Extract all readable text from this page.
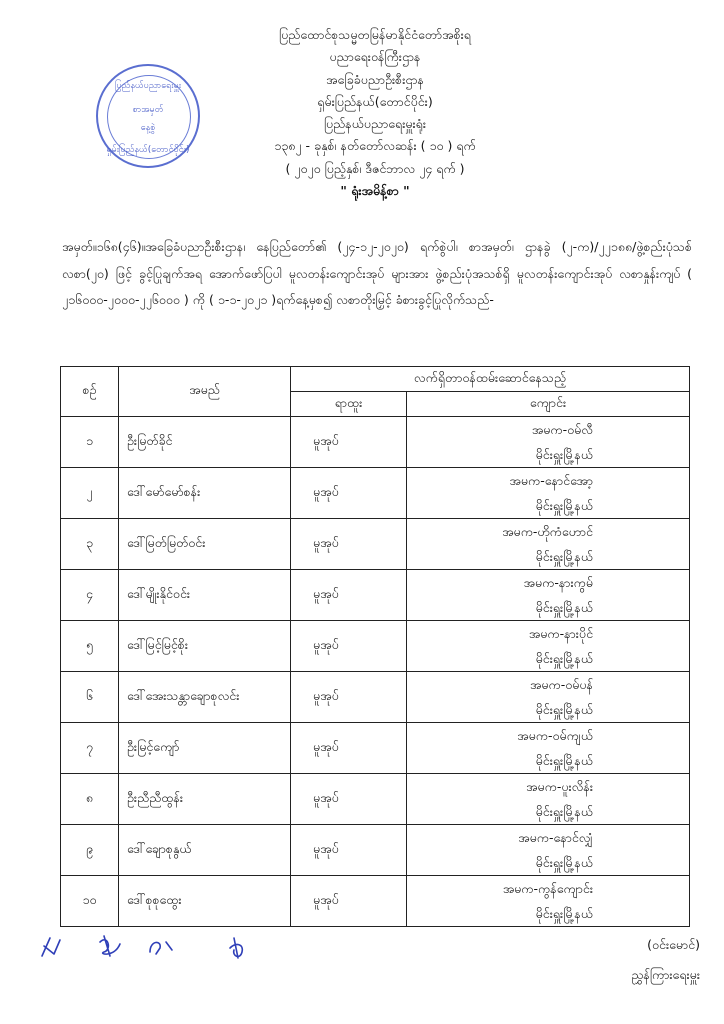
ပြည်နယ်ပညာရေးမှူး
စာအမှတ်
နေ့စွဲ
ရှမ်းပြည်နယ်(တောင်ပိုင်း)
ပြည်ထောင်စုသမ္မတမြန်မာနိုင်ငံတော်အစိုးရ
ပညာရေးဝန်ကြီးဌာန
အခြေခံပညာဦးစီးဌာန
ရှမ်းပြည်နယ်(တောင်ပိုင်း)
ပြည်နယ်ပညာရေးမှူးရုံး
၁၃၈၂ - ခုနှစ်၊ နတ်တော်လဆန်း ( ၁၀ ) ရက်
( ၂၀၂၀ ပြည့်နှစ်၊ ဒီဇင်ဘာလ ၂၄ ရက် )
" ရုံးအမိန့်စာ "
အမှတ်။၁၆၈(၄၆)။အခြေခံပညာဦးစီးဌာန၊ နေပြည်တော်၏ (၂၄-၁၂-၂၀၂၀) ရက်စွဲပါ၊ စာအမှတ်၊ ဌာနခွဲ (၂-က)/၂၂၁၈၈/ဖွဲ့စည်းပုံသစ်လစာ(၂၀) ဖြင့် ခွင့်ပြုချက်အရ အောက်ဖော်ပြပါ မူလတန်းကျောင်းအုပ် များအား ဖွဲ့စည်းပုံအသစ်ရှိ မူလတန်းကျောင်းအုပ် လစာနှုန်းကျပ် ( ၂၁၆၀၀၀-၂၀၀၀-၂၂၆၀၀၀ ) ကို ( ၁-၁-၂၀၂၁ )ရက်နေ့မှစ၍ လစာတိုးမြှင့် ခံစားခွင့်ပြုလိုက်သည်-
စဉ်	အမည်	လက်ရှိတာဝန်ထမ်းဆောင်နေသည့်	
		ရာထူး	ကျောင်း
၁	ဦးမြတ်ခိုင်	မူအုပ်	အမက-ဝမ်လီ
မိုင်းရှူးမြို့နယ်

၂	ဒေါ်မော်မော်စန်း	မူအုပ်	အမက-နောင်အော့
မိုင်းရှူးမြို့နယ်

၃	ဒေါ်မြတ်မြတ်ဝင်း	မူအုပ်	အမက-ဟိုကံဟောင်
မိုင်းရှူးမြို့နယ်

၄	ဒေါ်မျိုးနိုင်ဝင်း	မူအုပ်	အမက-နားကွမ်
မိုင်းရှူးမြို့နယ်

၅	ဒေါ်မြင့်မြင့်စိုး	မူအုပ်	အမက-နားပိုင်
မိုင်းရှူးမြို့နယ်

၆	ဒေါ်အေးသန္တာချောစုလင်း	မူအုပ်	အမက-ဝမ်ပန်
မိုင်းရှူးမြို့နယ်

၇	ဦးမြင့်ကျော်	မူအုပ်	အမက-ဝမ်ကျယ်
မိုင်းရှူးမြို့နယ်

၈	ဦးညီညီထွန်း	မူအုပ်	အမက-ပူးလိန်း
မိုင်းရှူးမြို့နယ်

၉	ဒေါ်ချောစုနွယ်	မူအုပ်	အမက-နောင်လျှံ
မိုင်းရှူးမြို့နယ်

၁၀	ဒေါ်စုစုထွေး	မူအုပ်	အမက-ကွန်ကျောင်း
မိုင်းရှူးမြို့နယ်
(ဝင်းမောင်)
ညွှန်ကြားရေးမှူး
